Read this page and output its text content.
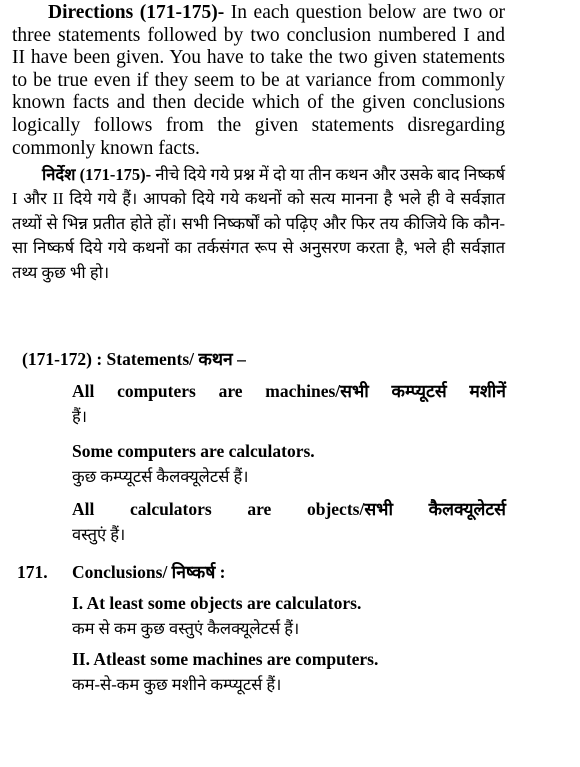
Directions (171-175)- In each question below are two or three statements followed by two conclusion numbered I and II have been given. You have to take the two given statements to be true even if they seem to be at variance from commonly known facts and then decide which of the given conclusions logically follows from the given statements disregarding commonly known facts.

निर्देश (171-175)- नीचे दिये गये प्रश्न में दो या तीन कथन और उसके बाद निष्कर्ष I और II दिये गये हैं। आपको दिये गये कथनों को सत्य मानना है भले ही वे सर्वज्ञात तथ्यों से भिन्न प्रतीत होते हों। सभी निष्कर्षों को पढ़िए और फिर तय कीजिये कि कौन-सा निष्कर्ष दिये गये कथनों का तर्कसंगत रूप से अनुसरण करता है, भले ही सर्वज्ञात तथ्य कुछ भी हो।

(171-172) : Statements/ कथन –
All computers are machines/सभी कम्प्यूटर्स मशीनें
हैं।
Some computers are calculators.
कुछ कम्प्यूटर्स कैलक्यूलेटर्स हैं।
All calculators are objects/सभी कैलक्यूलेटर्स
वस्तुएं हैं।
171. Conclusions/ निष्कर्ष :
I. At least some objects are calculators.
कम से कम कुछ वस्तुएं कैलक्यूलेटर्स हैं।
II. Atleast some machines are computers.
कम-से-कम कुछ मशीने कम्प्यूटर्स हैं।
